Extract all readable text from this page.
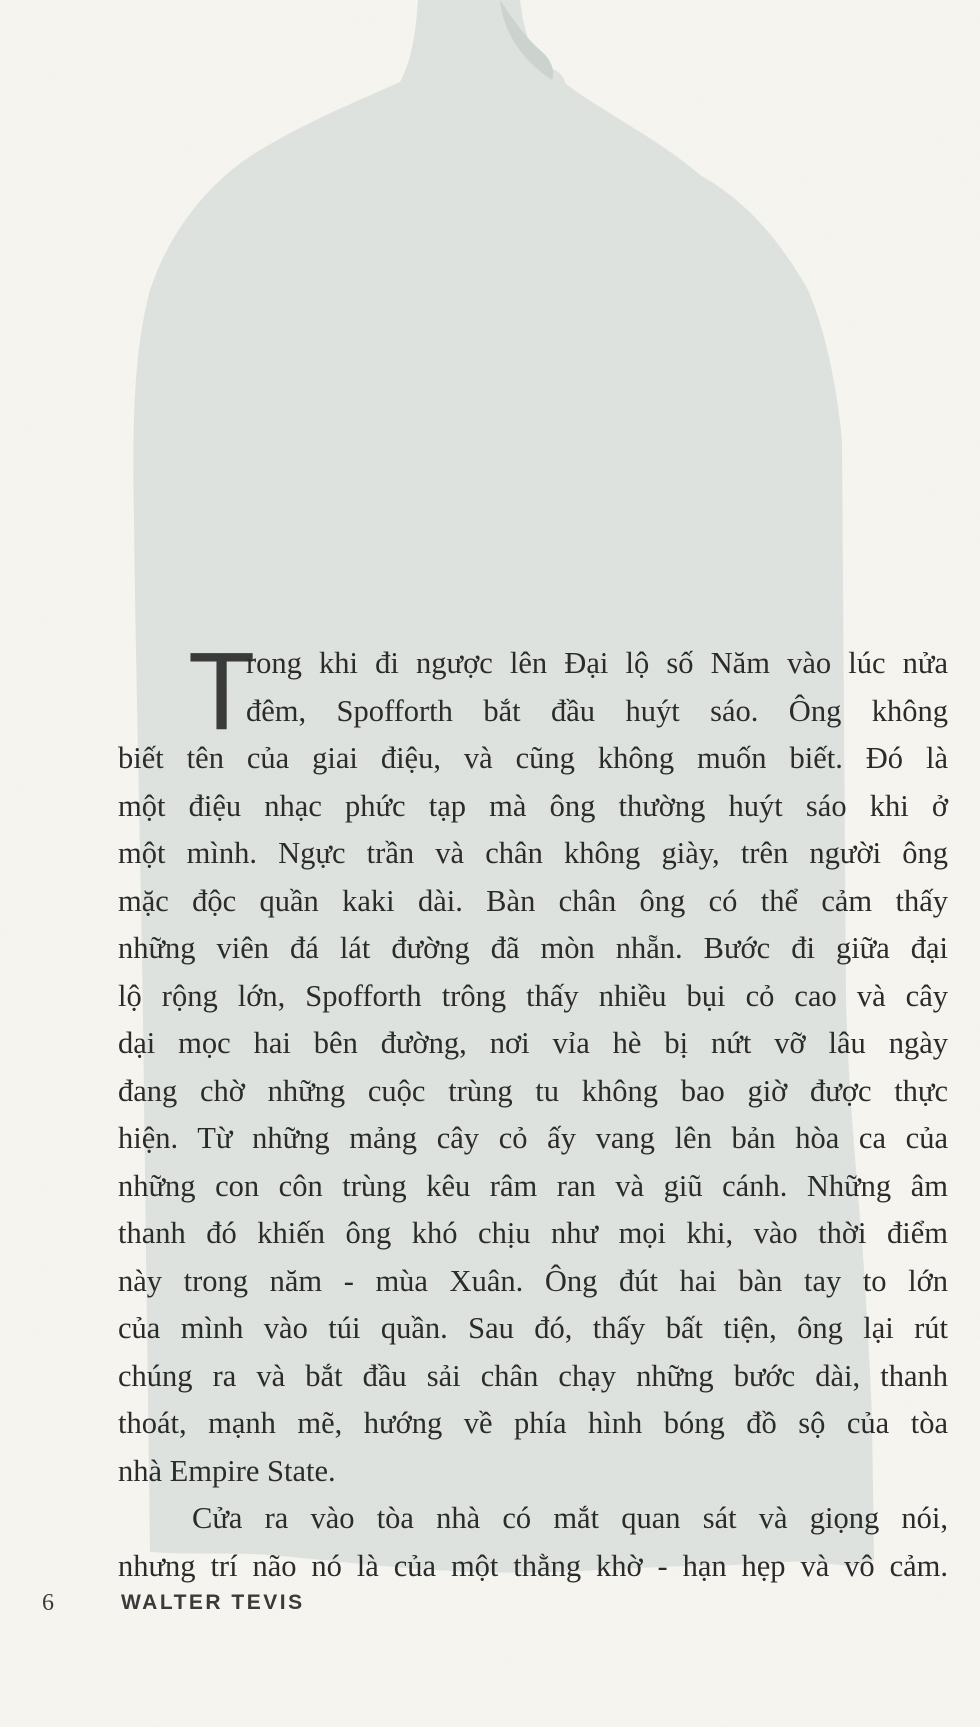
T
rong khi đi ngược lên Đại lộ số Năm vào lúc nửa
đêm, Spofforth bắt đầu huýt sáo. Ông không
biết tên của giai điệu, và cũng không muốn biết. Đó là
một điệu nhạc phức tạp mà ông thường huýt sáo khi ở
một mình. Ngực trần và chân không giày, trên người ông
mặc độc quần kaki dài. Bàn chân ông có thể cảm thấy
những viên đá lát đường đã mòn nhẵn. Bước đi giữa đại
lộ rộng lớn, Spofforth trông thấy nhiều bụi cỏ cao và cây
dại mọc hai bên đường, nơi vỉa hè bị nứt vỡ lâu ngày
đang chờ những cuộc trùng tu không bao giờ được thực
hiện. Từ những mảng cây cỏ ấy vang lên bản hòa ca của
những con côn trùng kêu râm ran và giũ cánh. Những âm
thanh đó khiến ông khó chịu như mọi khi, vào thời điểm
này trong năm - mùa Xuân. Ông đút hai bàn tay to lớn
của mình vào túi quần. Sau đó, thấy bất tiện, ông lại rút
chúng ra và bắt đầu sải chân chạy những bước dài, thanh
thoát, mạnh mẽ, hướng về phía hình bóng đồ sộ của tòa
nhà Empire State.
Cửa ra vào tòa nhà có mắt quan sát và giọng nói,
nhưng trí não nó là của một thằng khờ - hạn hẹp và vô cảm.
6	WALTER TEVIS
